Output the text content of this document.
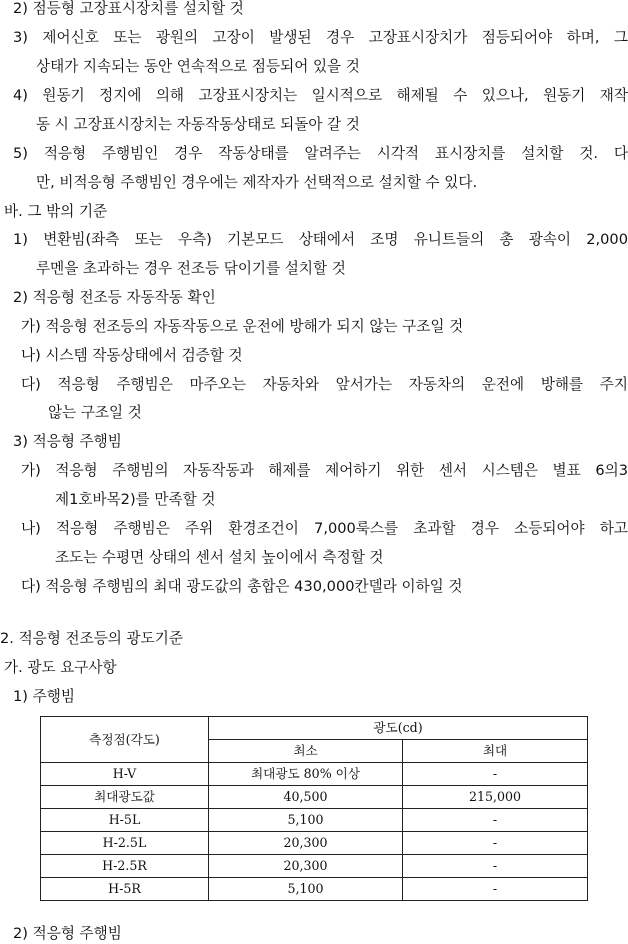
2) 점등형 고장표시장치를 설치할 것
3) 제어신호 또는 광원의 고장이 발생된 경우 고장표시장치가 점등되어야 하며, 그
상태가 지속되는 동안 연속적으로 점등되어 있을 것
4) 원동기 정지에 의해 고장표시장치는 일시적으로 해제될 수 있으나, 원동기 재작
동 시 고장표시장치는 자동작동상태로 되돌아 갈 것
5) 적응형 주행빔인 경우 작동상태를 알려주는 시각적 표시장치를 설치할 것. 다
만, 비적응형 주행빔인 경우에는 제작자가 선택적으로 설치할 수 있다.
바. 그 밖의 기준
1) 변환빔(좌측 또는 우측) 기본모드 상태에서 조명 유니트들의 총 광속이 2,000
루멘을 초과하는 경우 전조등 닦이기를 설치할 것
2) 적응형 전조등 자동작동 확인
가) 적응형 전조등의 자동작동으로 운전에 방해가 되지 않는 구조일 것
나) 시스템 작동상태에서 검증할 것
다) 적응형 주행빔은 마주오는 자동차와 앞서가는 자동차의 운전에 방해를 주지
않는 구조일 것
3) 적응형 주행빔
가) 적응형 주행빔의 자동작동과 해제를 제어하기 위한 센서 시스템은 별표 6의3
제1호바목2)를 만족할 것
나) 적응형 주행빔은 주위 환경조건이 7,000룩스를 초과할 경우 소등되어야 하고
조도는 수평면 상태의 센서 설치 높이에서 측정할 것
다) 적응형 주행빔의 최대 광도값의 총합은 430,000칸델라 이하일 것
2. 적응형 전조등의 광도기준
가. 광도 요구사항
1) 주행빔
측정점(각도)	광도(cd)	
	최소	최대
H-V	최대광도 80% 이상	-
최대광도값	40,500	215,000
H-5L	5,100	-
H-2.5L	20,300	-
H-2.5R	20,300	-
H-5R	5,100	-
2) 적응형 주행빔
